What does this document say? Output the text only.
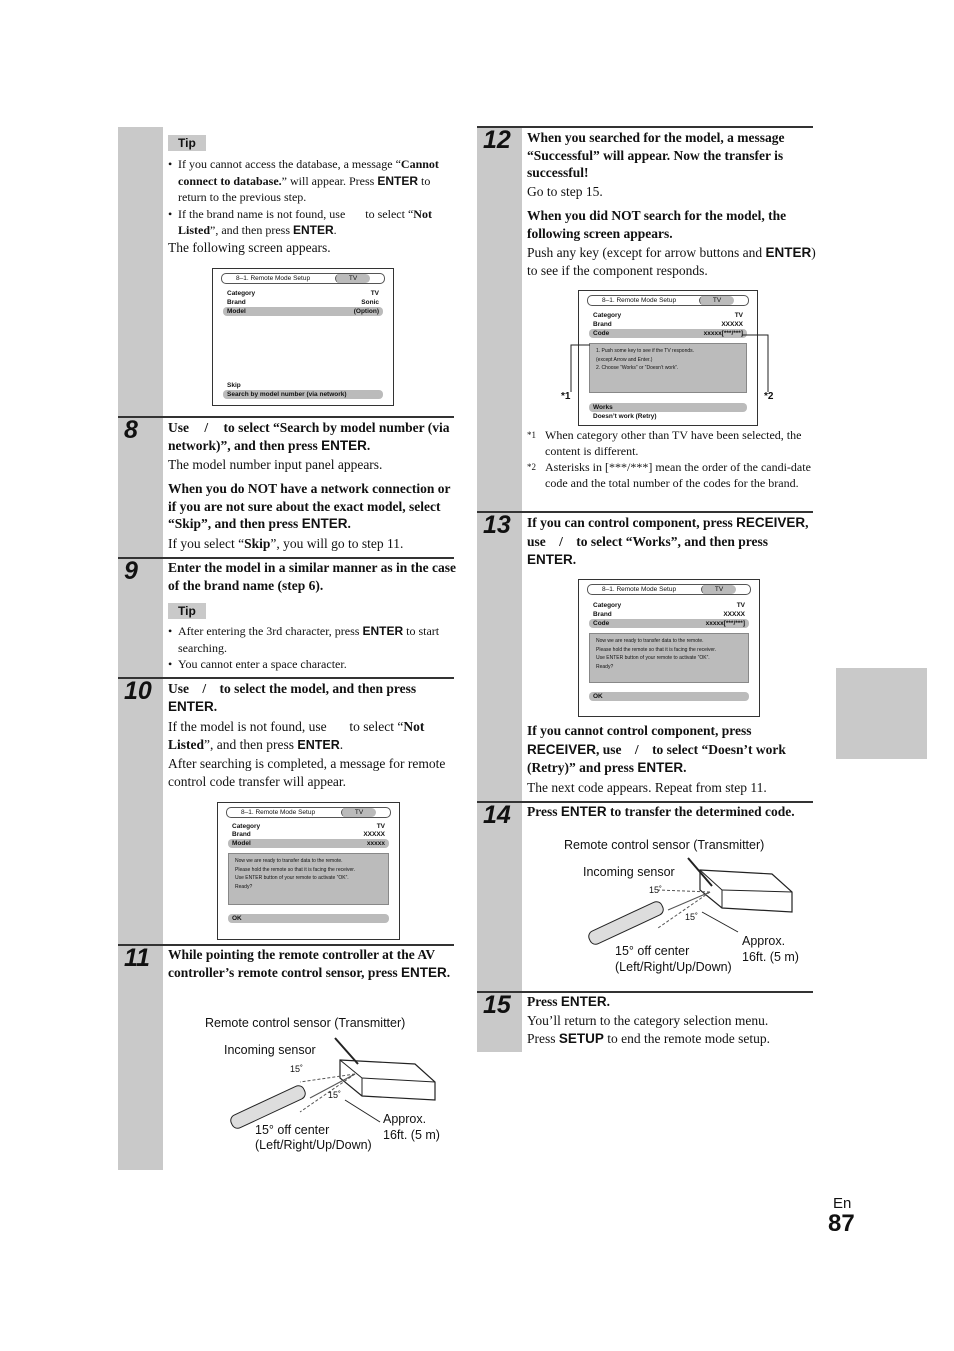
Tip
• If you cannot access the database, a message “Cannot connect to database.” will appear. Press ENTER to return to the previous step.
• If the brand name is not found, use  to select “Not Listed”, and then press ENTER.
The following screen appears.
8–1. Remote Mode Setup	TV
Category	TV
Brand	Sonic
Model	(Option)
Skip
Search by model number (via network)
8 Use / to select “Search by model number (via network)”, and then press ENTER.
The model number input panel appears.
When you do NOT have a network connection or if you are not sure about the exact model, select “Skip”, and then press ENTER.
If you select “Skip”, you will go to step 11.
9 Enter the model in a similar manner as in the case of the brand name (step 6).
Tip
• After entering the 3rd character, press ENTER to start searching.
• You cannot enter a space character.
10 Use / to select the model, and then press ENTER.
If the model is not found, use  to select “Not Listed”, and then press ENTER.
After searching is completed, a message for remote control code transfer will appear.
8–1. Remote Mode Setup	TV
Category	TV
Brand	XXXXX
Model	xxxxx
Now we are ready to transfer data to the remote.
Please hold the remote so that it is facing the receiver.
Use ENTER button of your remote to activate “OK”.
Ready?
OK
11 While pointing the remote controller at the AV controller’s remote control sensor, press ENTER.
Remote control sensor (Transmitter)
Incoming sensor
15˚
15˚
15° off center
(Left/Right/Up/Down)
Approx.
16ft. (5 m)
12 When you searched for the model, a message “Successful” will appear. Now the transfer is successful!
Go to step 15.
When you did NOT search for the model, the following screen appears.
Push any key (except for arrow buttons and ENTER) to see if the component responds.
8–1. Remote Mode Setup	TV
Category	TV
Brand	XXXXX
Code	xxxxx[***/***]
1. Push some key to see if the TV responds.
(except Arrow and Enter.)
2. Choose “Works” or “Doesn’t work”.
Works
Doesn’t work (Retry)
*1	*2
*1 When category other than TV have been selected, the content is different.
*2 Asterisks in [***/***] mean the order of the candi-date code and the total number of the codes for the brand.
13 If you can control component, press RECEIVER, use / to select “Works”, and then press ENTER.
8–1. Remote Mode Setup	TV
Category	TV
Brand	XXXXX
Code	xxxxx[***/***]
Now we are ready to transfer data to the remote.
Please hold the remote so that it is facing the receiver.
Use ENTER button of your remote to activate “OK”.
Ready?
OK
If you cannot control component, press RECEIVER, use / to select “Doesn’t work (Retry)” and press ENTER.
The next code appears. Repeat from step 11.
14 Press ENTER to transfer the determined code.
Remote control sensor (Transmitter)
Incoming sensor
15˚
15˚
15° off center
(Left/Right/Up/Down)
Approx.
16ft. (5 m)
15 Press ENTER.
You’ll return to the category selection menu.
Press SETUP to end the remote mode setup.
En
87
